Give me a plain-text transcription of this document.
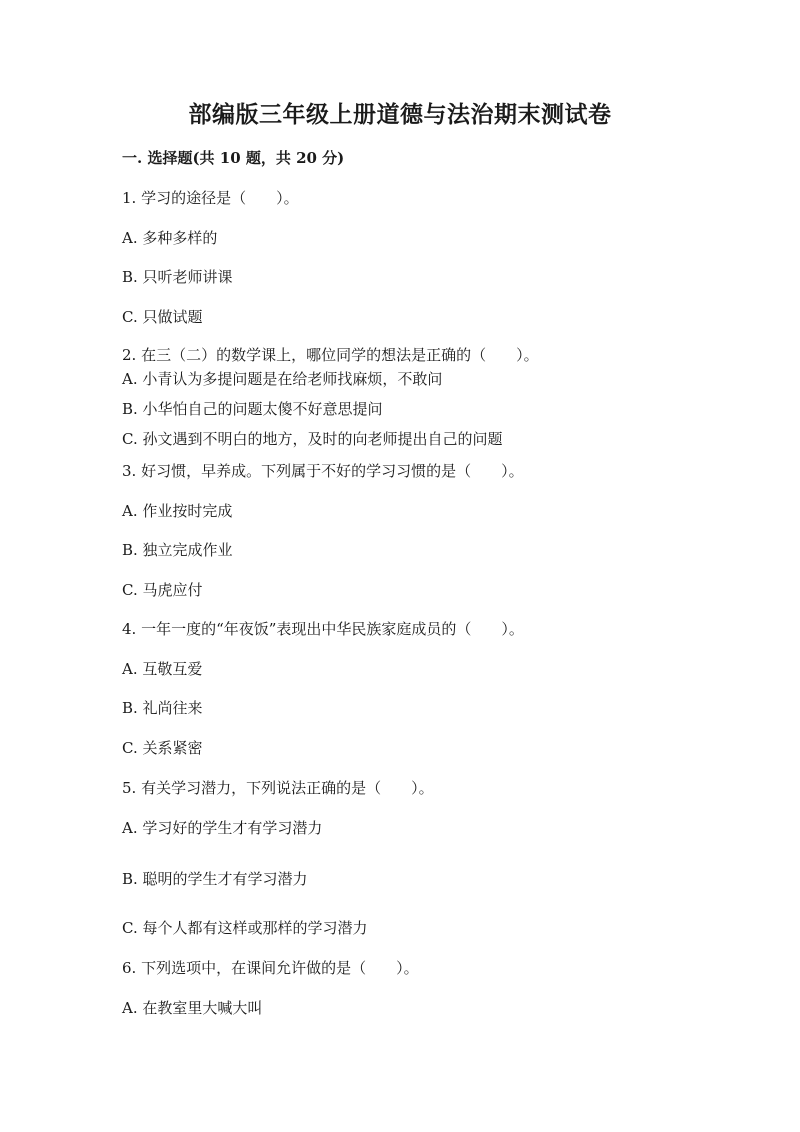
部编版三年级上册道德与法治期末测试卷
一. 选择题(共 10 题，共 20 分)
1. 学习的途径是（　　）。
A. 多种多样的
B. 只听老师讲课
C. 只做试题
2. 在三（二）的数学课上，哪位同学的想法是正确的（　　）。
A. 小青认为多提问题是在给老师找麻烦，不敢问
B. 小华怕自己的问题太傻不好意思提问
C. 孙文遇到不明白的地方，及时的向老师提出自己的问题
3. 好习惯，早养成。下列属于不好的学习习惯的是（　　）。
A. 作业按时完成
B. 独立完成作业
C. 马虎应付
4. 一年一度的“年夜饭”表现出中华民族家庭成员的（　　）。
A. 互敬互爱
B. 礼尚往来
C. 关系紧密
5. 有关学习潜力，下列说法正确的是（　　）。
A. 学习好的学生才有学习潜力
B. 聪明的学生才有学习潜力
C. 每个人都有这样或那样的学习潜力
6. 下列选项中，在课间允许做的是（　　）。
A. 在教室里大喊大叫
